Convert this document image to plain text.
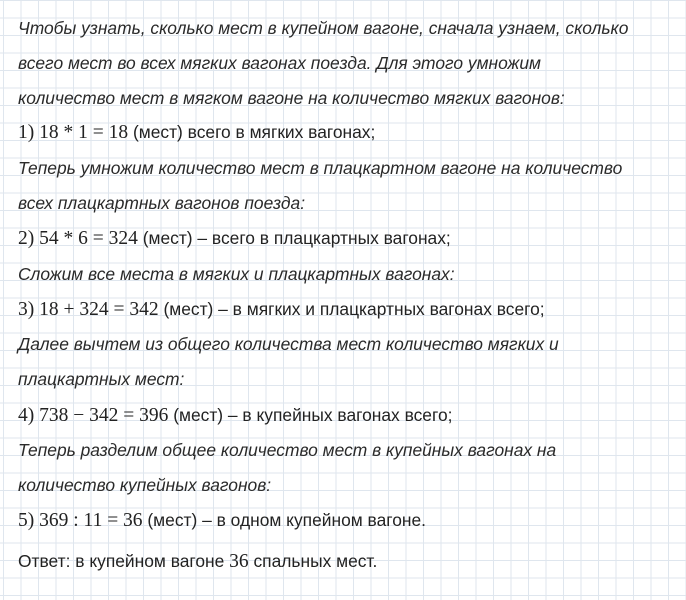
Чтобы узнать, сколько мест в купейном вагоне, сначала узнаем, сколько
всего мест во всех мягких вагонах поезда. Для этого умножим
количество мест в мягком вагоне на количество мягких вагонов:
1) 18 * 1 = 18 (мест) всего в мягких вагонах;
Теперь умножим количество мест в плацкартном вагоне на количество
всех плацкартных вагонов поезда:
2) 54 * 6 = 324 (мест) – всего в плацкартных вагонах;
Сложим все места в мягких и плацкартных вагонах:
3) 18 + 324 = 342 (мест) – в мягких и плацкартных вагонах всего;
Далее вычтем из общего количества мест количество мягких и
плацкартных мест:
4) 738 − 342 = 396 (мест) – в купейных вагонах всего;
Теперь разделим общее количество мест в купейных вагонах на
количество купейных вагонов:
5) 369 : 11 = 36 (мест) – в одном купейном вагоне.
Ответ: в купейном вагоне 36 спальных мест.
